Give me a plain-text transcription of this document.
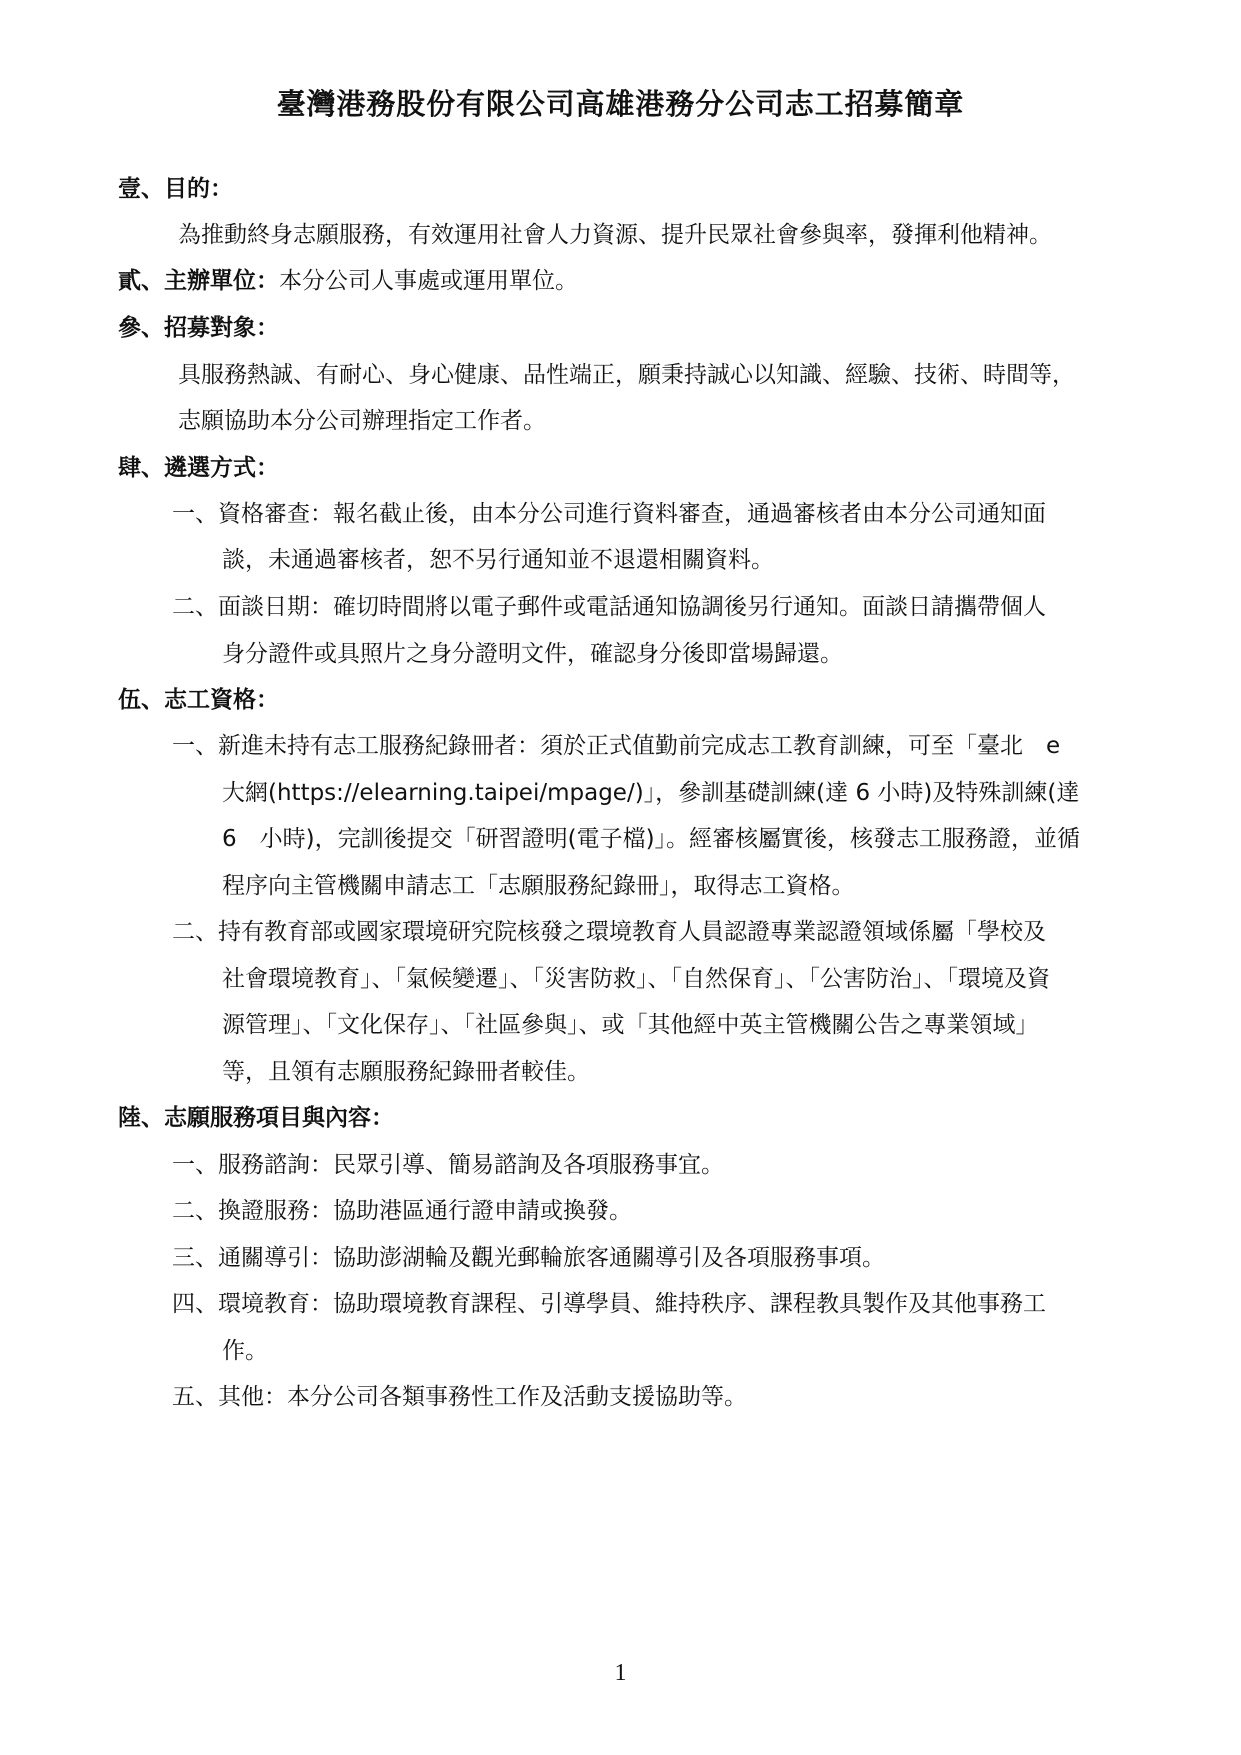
臺灣港務股份有限公司高雄港務分公司志工招募簡章
壹、目的：
為推動終身志願服務，有效運用社會人力資源、提升民眾社會參與率，發揮利他精神。
貳、主辦單位：本分公司人事處或運用單位。
參、招募對象：
具服務熱誠、有耐心、身心健康、品性端正，願秉持誠心以知識、經驗、技術、時間等，
志願協助本分公司辦理指定工作者。
肆、遴選方式：
一、資格審查：報名截止後，由本分公司進行資料審查，通過審核者由本分公司通知面
談，未通過審核者，恕不另行通知並不退還相關資料。
二、面談日期：確切時間將以電子郵件或電話通知協調後另行通知。面談日請攜帶個人
身分證件或具照片之身分證明文件，確認身分後即當場歸還。
伍、志工資格：
一、新進未持有志工服務紀錄冊者：須於正式值勤前完成志工教育訓練，可至「臺北　e
大網(https://elearning.taipei/mpage/)」，參訓基礎訓練(達 6 小時)及特殊訓練(達
6　小時)，完訓後提交「研習證明(電子檔)」。經審核屬實後，核發志工服務證，並循
程序向主管機關申請志工「志願服務紀錄冊」，取得志工資格。
二、持有教育部或國家環境研究院核發之環境教育人員認證專業認證領域係屬「學校及
社會環境教育」、「氣候變遷」、「災害防救」、「自然保育」、「公害防治」、「環境及資
源管理」、「文化保存」、「社區參與」、或「其他經中英主管機關公告之專業領域」
等，且領有志願服務紀錄冊者較佳。
陸、志願服務項目與內容：
一、服務諮詢：民眾引導、簡易諮詢及各項服務事宜。
二、換證服務：協助港區通行證申請或換發。
三、通關導引：協助澎湖輪及觀光郵輪旅客通關導引及各項服務事項。
四、環境教育：協助環境教育課程、引導學員、維持秩序、課程教具製作及其他事務工
作。
五、其他：本分公司各類事務性工作及活動支援協助等。
1
